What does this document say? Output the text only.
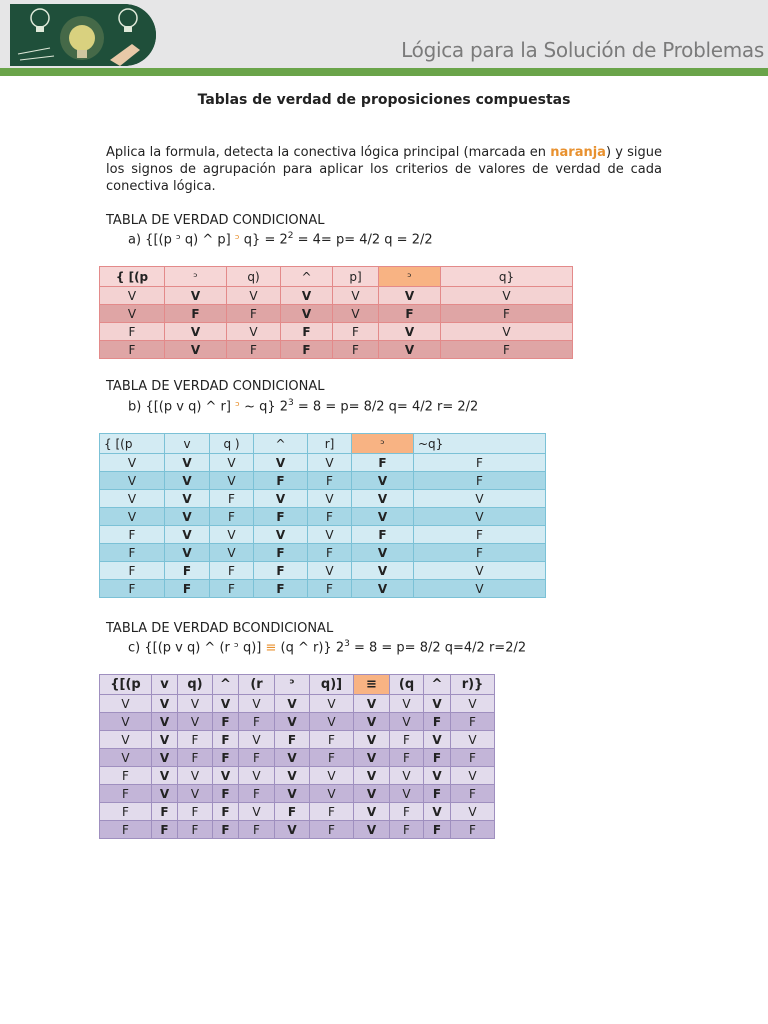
Lógica para la Solución de Problemas
Tablas de verdad de proposiciones compuestas
Aplica la formula, detecta la conectiva lógica principal (marcada en naranja) y sigue los signos de agrupación para aplicar los criterios de valores de verdad de cada conectiva lógica.
TABLA DE VERDAD CONDICIONAL
a) {[(p ᵓ q) ^ p] ᵓ $q\} = 2^2 = 4= p= 4/2$ q = 2/2
{ [(p	ᵓ	q)	^	p]	ᵓ	q}
V	V	V	V	V	V	V
V	F	F	V	V	F	F
F	V	V	F	F	V	V
F	V	F	F	F	V	F
TABLA DE VERDAD CONDICIONAL
b) {[(p v q) ^ r] ᵓ ~ q} $2^3 = 8 = p= 8/2$ q= 4/2 r= 2/2
{ [(p	v	q )	^	r]	ᵓ	~q}
V	V	V	V	V	F	F
V	V	V	F	F	V	F
V	V	F	V	V	V	V
V	V	F	F	F	V	V
F	V	V	V	V	F	F
F	V	V	F	F	V	F
F	F	F	F	V	V	V
F	F	F	F	F	V	V
TABLA DE VERDAD BCONDICIONAL
c) {[(p v q) ^ (r ᵓ q)] ≡ (q ^ r)} $2^3 = 8 = p= 8/2$ q=4/2 r=2/2
{[(p	v	q)	^	(r	ᵓ	q)]	≡	(q	^	r)}
V	V	V	V	V	V	V	V	V	V	V
V	V	V	F	F	V	V	V	V	F	F
V	V	F	F	V	F	F	V	F	V	V
V	V	F	F	F	V	F	V	F	F	F
F	V	V	V	V	V	V	V	V	V	V
F	V	V	F	F	V	V	V	V	F	F
F	F	F	F	V	F	F	V	F	V	V
F	F	F	F	F	V	F	V	F	F	F
